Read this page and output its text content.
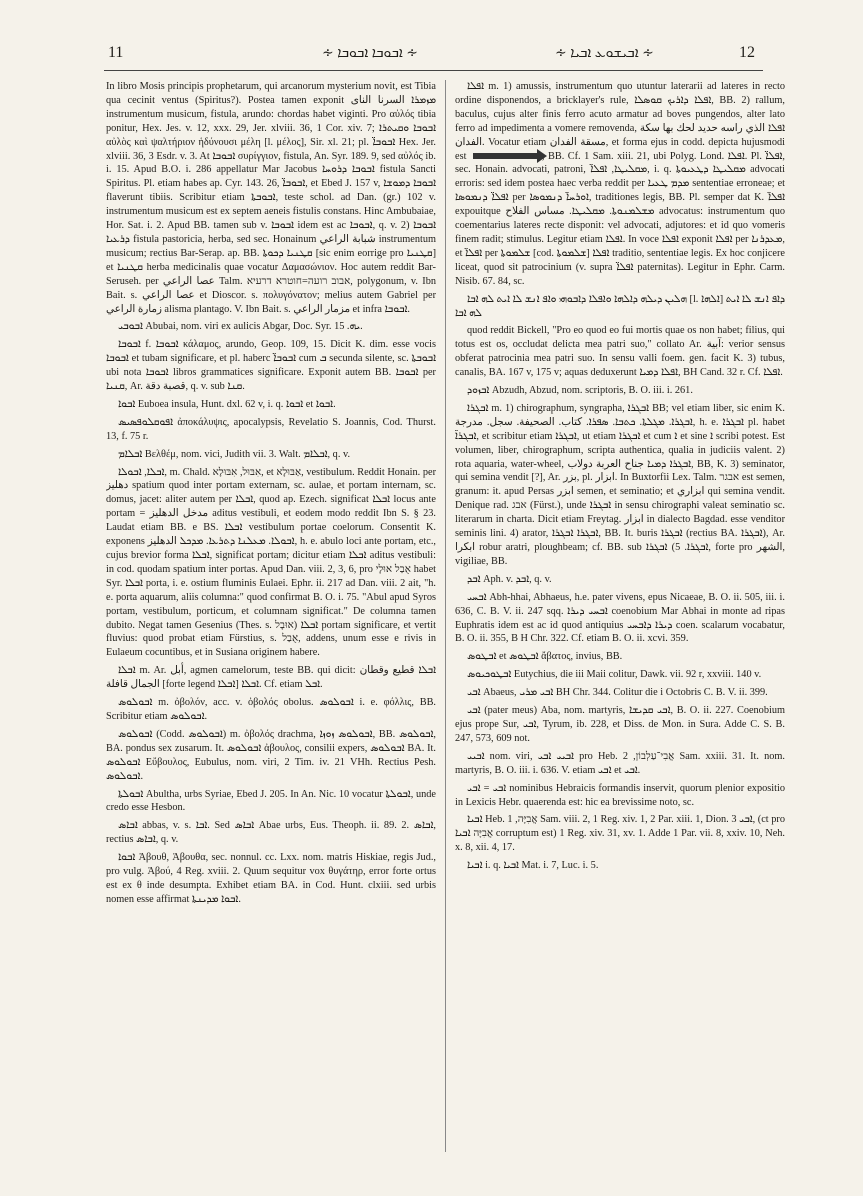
11	∻ ܐܒܘܒܐ ܐܒܘܒܐ ∻	∻ ܐܒܝܫܘܥ ܐܒܝܐ ∻	12

In libro Mosis principis prophetarum, qui arcanorum mysterium novit, est Tibia qua cecinit ventus (Spiritus?). Postea tamen exponit ܡܙܡܪܐ السرنا النای instrumentum musicum, fistula, arundo: chordas habet viginti. Pro αὐλός tibia ponitur, Hex. Jes. v. 12, xxx. 29, Jer. xlviii. 36, 1 Cor. xiv. 7; ܐܒܘܒܐ ܘܩܝܬܪܐ αὐλὸς καὶ ψαλτήριον ἡδύνουσι μέλη [l. μέλος], Sir. xl. 21; pl. ܐܒܘܒܐ̈ Hex. Jer. xlviii. 36, 3 Esdr. v. 3. At ܐܒܘܒܐ συρίγγιον, fistula, An. Syr. 189. 9, sed αὐλός ib. i. 15. Apud B.O. i. 286 appellatur Mar Jacobus ܐܒܘܒܐ ܕܪܘܚܐ fistula Sancti Spiritus. Pl. etiam habes ap. Cyr. 143. 26, ܐܒܘܒܐ̈, et Ebed J. 157 v, ܐܒܘܒܐ ܕܡܘܫܐ flaverunt tibiis. Scribitur etiam ܐܒܘܒܬܐ, teste schol. ad Dan. (gr.) 102 v. instrumentum musicum est ex septem aeneis fistulis constans. Hinc Ambubaiae, Hor. Sat. i. 2. Apud BB. tamen sub v. ܐܒܘܒܐ idem est ac ܐܒܘܒܐ, q. v. 2) ܐܒܘܒܐ ܕܪܥܝܐ fistula pastoricia, herba, sed sec. Honainum شبابة الراعي instrumentum musicum; rectius Bar-Serap. ap. BB. ܩܛܢܝܐ ܕܟܘܬܐ [sic enim eorrige pro ܩܛܢܝܐ] et ܩܛܢܝܐ herba medicinalis quae vocatur Δαμασώνιον. Hoc autem reddit Bar-Seruseh. per عصا الراعي Talm. אבוב רועה=חוטרא דרעיא, polygonum, v. Ibn Bait. s. عصا الراعي et Dioscor. s. πολυγόνατον; melius autem Gabriel per زمارة الراعي alisma plantago. V. Ibn Bait. s. مزمار الراعي et infra ܐܒܘܒܐ.

ܐܒܘܒܝ Abubai, nom. viri ex aulicis Abgar, Doc. Syr. ܝܗ. 15.

ܐܒܘܒܐ f. ܐܒܘܒܐ κάλαμος, arundo, Geop. 109, 15. Dicit K. dim. esse vocis ܐܒܘܒܐ et tubam significare, et pl. haberc ܐܒܘܒܐ̈ cum ܒ secunda silente, sc. ܐܒܘܒܬܐ ubi nota ܐܒܘܒܐ libros grammatices significare. Exponit autem BB. ܐܒܘܒܐ per ܩܢܝܐ, Ar. قصبة دقة, q. v. sub ܩܢܐ.

ܐܒܘܐ Euboea insula, Hunt. dxl. 62 v, i. q. ܐܒܘܐ et ܐܒܘܐ.

ܐܦܘܩܠܘܦܣܝܣ ἀποκάλυψις, apocalypsis, Revelatio S. Joannis, Cod. Thurst. 13, f. 75 r.

ܐܒܠܐܡ Βελθέμ, nom. vici, Judith vii. 3. Walt. ܐܒܠܐܡ, q. v.

ܐܒܠܐ, ܐܒܘܠܐ, m. Chald. אִבּוּל, אִבּוּלָא, et אַבּוּלָא, vestibulum. Reddit Honain. per دهليز spatium quod inter portam externam, sc. aulae, et portam internam, sc. domus, jacet: aliter autem per ܐܒܠܐ, quod ap. Ezech. significat ܐܒܠܐ locus ante portam = مدخل الدهليز aditus vestibuli, et eodem modo reddit Ibn S. § 23. Laudat etiam BB. e BS. ܐܒܠܐ vestibulum portae coelorum. Consentit K. exponens ܐܒܘܠܐ. ܡܥܠܢܐ ܕܬܪܥܐ. ܡܕܟܠ الدهليز, h. e. abulo loci ante portam, etc., cujus brevior forma ܐܒܠܐ, significat portam; dicitur etiam ܐܒܠܐ aditus vestibuli: in cod. quodam spatium inter portas. Apud Dan. viii. 2, 3, 6, pro אֻבַל אוּלָי habet Syr. ܐܒܠܐ porta, i. e. ostium fluminis Eulaei. Ephr. ii. 217 ad Dan. viii. 2 ait, "h. e. porta aquarum, aliis columna:" quod confirmat B. O. i. 75. "Abul apud Syros portam, vestibulum, porticum, et columnam significat." De columna tamen dubito. Negat tamen Gesenius (Thes. s. אוּבָל) ܐܒܠܐ portam significare, et vertit fluvius: quod probat etiam Fürstius, s. אֻבַל, addens, unum esse e rivis in Eulaeum cocuntibus, et in Susiana originem habere.

ܐܒܠܐ m. Ar. أبل, agmen camelorum, teste BB. qui dicit: ܐܒܠܐ قطيع وقطان الجمال قافلة [forte legend ܐܒܠܐ] ܐܒܠܐ. Cf. etiam ܐܒܠ.

ܐܒܘܠܘܣ m. ὀβολόν, acc. v. ὀβολός obolus. ܐܒܘܠܘܣ i. e. φόλλις, BB. Scribitur etiam ܐܒܘܠܘܣ.

ܐܒܘܠܘܣ (Codd. ܐܒܘܠܘܣ) m. ὀβολός drachma, ܐܒܘܠܘܣ ܙܘܙܐ, BB. ܐܒܘܠܘܣ, BA. pondus sex zusarum. It. ܐܒܘܠܘܣ ἀβουλος, consilii expers, ܐܒܘܠܘܣ BA. It. ܐܒܘܠܘܣ Εὔβουλος, Eubulus, nom. viri, 2 Tim. iv. 21 VHh. Rectius Pesh. ܐܒܘܠܘܣ.

ܐܒܘܠܬܐ Abultha, urbs Syriae, Ebed J. 205. In An. Nic. 10 vocatur ܐܒܘܠܬܐ, unde credo esse Hesbon.

ܐܒܐܣ abbas, v. s. ܐܒܐ. Sed ܐܒܐܣ Abae urbs, Eus. Theoph. ii. 89. 2. ܐܒܐܣ, rectius ܐܒܐܣ, q. v.

ܐܒܘܐ Ἀβουθ, Ἀβουθα, sec. nonnul. cc. Lxx. nom. matris Hiskiae, regis Jud., pro vulg. Ἀβού, 4 Reg. xviii. 2. Quum sequitur vox θυγάτηρ, error forte ortus est ex θ inde desumpta. Exhibet etiam BA. in Cod. Hunt. clxiii. sed urbis nomen esse affirmat ܐܒܘܐ ܡܕܝܢܬܐ.

ܐܦܠܐ m. 1) amussis, instrumentum quo utuntur laterarii ad lateres in recto ordine disponendos, a bricklayer's rule, ܐܦܠܐ ܕܐܪܝܟ ܩܘܣܠܐ, BB. 2) rallum, baculus, cujus alter finis ferro acuto armatur ad boves pungendos, alter lato ferro ad impedimenta a vomere removenda, ܐܦܠܐ الذي راسه حديد لحك بها سكة الفدان. Vocatur etiam مسقة الفدان, et forma ejus in codd. depicta hujusmodi est	, BB. Cf. 1 Sam. xiii. 21, ubi Polyg. Lond. ܐܦܠܐ. Pl. ܐܦܠܐ̈, sec. Honain. advocati, patroni, ܡܩܠܝܛܐ, ܐܦܠܐ̈, i. q. ܡܩܠܝܛܐ ܕܛܥܝܘܬܐ advocati erroris: sed idem postea haec verba reddit per ܡܕܡ ܛܥܝܐ sententiae erroneae; et ܐܦܠܐ̈ ܕܢܡܘܣܐ per ܐܘܪܚܐ̈ ܕܢܡܘܣܐ, traditiones legis, BB. Pl. semper dat K. ܐܦܠܐ̈ expouitque ܡܫܠܡܢܘܬܐ. ܡܩܠܝܛܐ. مساس الفلاح advocatus: instrumentum quo coementarius lateres recte disponit: vel advocati, adjutores: et id quo vomeris finem radit; stimulus. Legitur etiam ܐܦܠܐ. In voce ܐܦܠܐ exponit ܐܦܠܐ per ܡܥܕܪܢܐ, et ܐܦܠܐ̈ per ܫܠܡܘܬܐ [cod. ܫܠܡܘܬܐ] ܐܦܠܐ traditio, sententiae legis. Ex hoc conjicere liceat, quod sit patrocinium (v. supra ܐܦܠܐ̈ paternitas). Legitur in Ephr. Carm. Nisib. 67. 84, sc.

ܗܠܝܢ ܕܝܠܗ ܕܐܠܗܐ ܘܐܦܠܐ ܕܐܒܘܗܝ ܘܐܦ ܐܢܫ ܠܐ ܐܝܬ ܠܗ ܐܒܐ [l. ܐܠܗܐ] ܕܐܦ ܐܢܫ ܠܐ ܐܝܬ ܠܗ ܐܒܐ

quod reddit Bickell, "Pro eo quod eo fui mortis quae os non habet; filius, qui totus est os, occludat delicta mea patri suo," collato Ar. آبية: verior sensus obferat patrocinia mea patri suo. In sensu valli foem. gen. facit K. 3) tubus, canalis, BA. 167 v, 175 v; aquas deduxerunt ܐܦܠܐ ܕܡܝܐ, BH Cand. 32 r. Cf. ܐܦܠܐ.

ܐܒܙܘܕ Abzudh, Abzud, nom. scriptoris, B. O. iii. i. 261.

ܐܒܓܪܐ m. 1) chirographum, syngrapha, ܐܒܓܪܐ BB; vel etiam liber, sic enim K. ܐܒܓܪܐ. ܡܓܠܬܐ. ܟܬܒܐ. ܣܦܪܐ. كتاب. الصحيفة. سجل. مدرجة, h. e. ܐܒܓܪܐ pl. habet ܐܒܓܪܐ̈, et scribitur etiam ܐܒܓܪܐ, ut etiam ܐܒܓܪܐ et cum ܐ et sine ܐ scribi potest. Est volumen, liber, chirographum, scripta authentica, qualia in judiciis valent. 2) rota aquaria, water-wheel, ܐܒܓܪܐ ܕܡܝܐ جناح العربة دولاب, BB, K. 3) seminator, qui semina vendit [?], Ar. بزر, pl. ابزار. In Buxtorfii Lex. Talm. אבגר est semen, granum: it. apud Persas ابزر semen, et seminatio; et ابزاري qui semina vendit. Denique rad. אבג (Fürst.), unde ܐܒܓܪܐ in sensu chirographi valeat seminatio sc. literarum in charta. Dicit etiam Freytag. ابزار in dialecto Bagdad. esse venditor seminis lini. 4) arator, ܐܒܓܪܐ ܐܒܓܪܐ, BB. It. buris ܐܒܓܪܐ (rectius BA. ܐܒܓܪܐ), Ar. ابكرا robur aratri, ploughbeam; cf. BB. sub ܐܒܓܪܐ. 5) ܐܒܓܪܐ, forte pro الشهر, vigiliae, BB.

ܐܒܕ Aph. v. ܐܒܕ, q. v.

ܐܒܚܝ Abh-hhai, Abhaeus, h.e. pater vivens, epus Nicaeae, B. O. ii. 505, iii. i. 636, C. B. V. ii. 247 sqq. ܐܒܚܝ ܕܝܪܐ coenobium Mar Abhai in monte ad ripas Euphratis idem est ac id quod antiquius ܕܝܪܐ ܕܐܒܚܝ coen. scalarum vocabatur, B. O. ii. 355, B H Chr. 322. Cf. etiam B. O. ii. xcvi. 359.

ܐܒܛܘܣ et ܐܒܛܘܣ ἄβατος, invius, BB.

ܐܒܛܘܟܝܘܣ Eutychius, die iii Maii colitur, Dawk. vii. 92 r, xxviii. 140 v.

ܐܒܝ Abaeus, ܐܒܝ ܡܪܝ BH Chr. 344. Colitur die i Octobris C. B. V. ii. 399.

ܐܒܝ (pater meus) Aba, nom. martyris, ܐܒܝ ܩܕܝܫܐ, B. O. ii. 227. Coenobium ejus prope Sur, ܐܒܝ, Tyrum, ib. 228, et Diss. de Mon. in Sura. Adde C. S. B. 247, 573, 609 not.

ܐܒܝܝ nom. viri, ܐܒܝܝ ܐܒܝ pro Heb. אֲבִי־עַלְבוֹן, 2 Sam. xxiii. 31. It. nom. martyris, B. O. iii. i. 636. V. etiam ܐܒܝ et ܐܒܝ.

ܐܒܝ = ܐܒܝ nominibus Hebraicis formandis inservit, quorum plenior expositio in Lexicis Hebr. quaerenda est: hic ea brevissime noto, sc.

ܐܒܝܐ Heb. אֲבִיָּה, 1 Sam. viii. 2, 1 Reg. xiv. 1, 2 Par. xiii. 1, Dion. ܐܒܝ 3, (ct pro אֲבִיָּה ܐܒܝܐ corruptum est) 1 Reg. xiv. 31, xv. 1. Adde 1 Par. vii. 8, xxiv. 10, Neh. x. 8, xii. 4, 17.

ܐܒܝܐ i. q. ܐܒܝܐ Mat. i. 7, Luc. i. 5.
